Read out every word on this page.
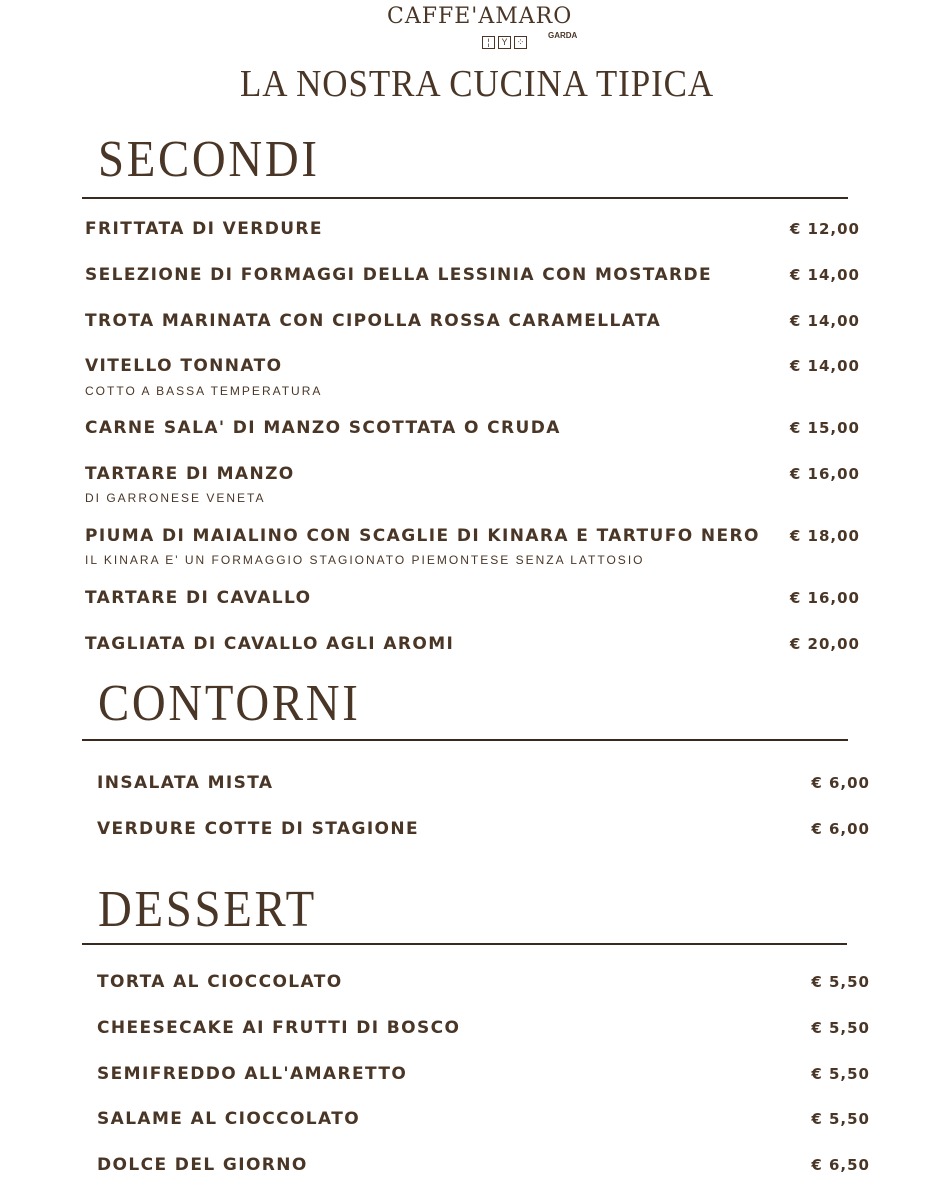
CAFFE'AMARO
¦ Y ⁘
GARDA
LA NOSTRA CUCINA TIPICA
SECONDI
FRITTATA DI VERDURE	€ 12,00
SELEZIONE DI FORMAGGI DELLA LESSINIA CON MOSTARDE	€ 14,00
TROTA MARINATA CON CIPOLLA ROSSA CARAMELLATA	€ 14,00
VITELLO TONNATO	€ 14,00
COTTO A BASSA TEMPERATURA
CARNE SALA' DI MANZO SCOTTATA O CRUDA	€ 15,00
TARTARE DI MANZO	€ 16,00
DI GARRONESE VENETA
PIUMA DI MAIALINO CON SCAGLIE DI KINARA E TARTUFO NERO € 18,00
IL KINARA E' UN FORMAGGIO STAGIONATO PIEMONTESE SENZA LATTOSIO
TARTARE DI CAVALLO	€ 16,00
TAGLIATA DI CAVALLO AGLI AROMI	€ 20,00
CONTORNI
INSALATA MISTA	€ 6,00
VERDURE COTTE DI STAGIONE	€ 6,00
DESSERT
TORTA AL CIOCCOLATO	€ 5,50
CHEESECAKE AI FRUTTI DI BOSCO	€ 5,50
SEMIFREDDO ALL'AMARETTO	€ 5,50
SALAME AL CIOCCOLATO	€ 5,50
DOLCE DEL GIORNO	€ 6,50
